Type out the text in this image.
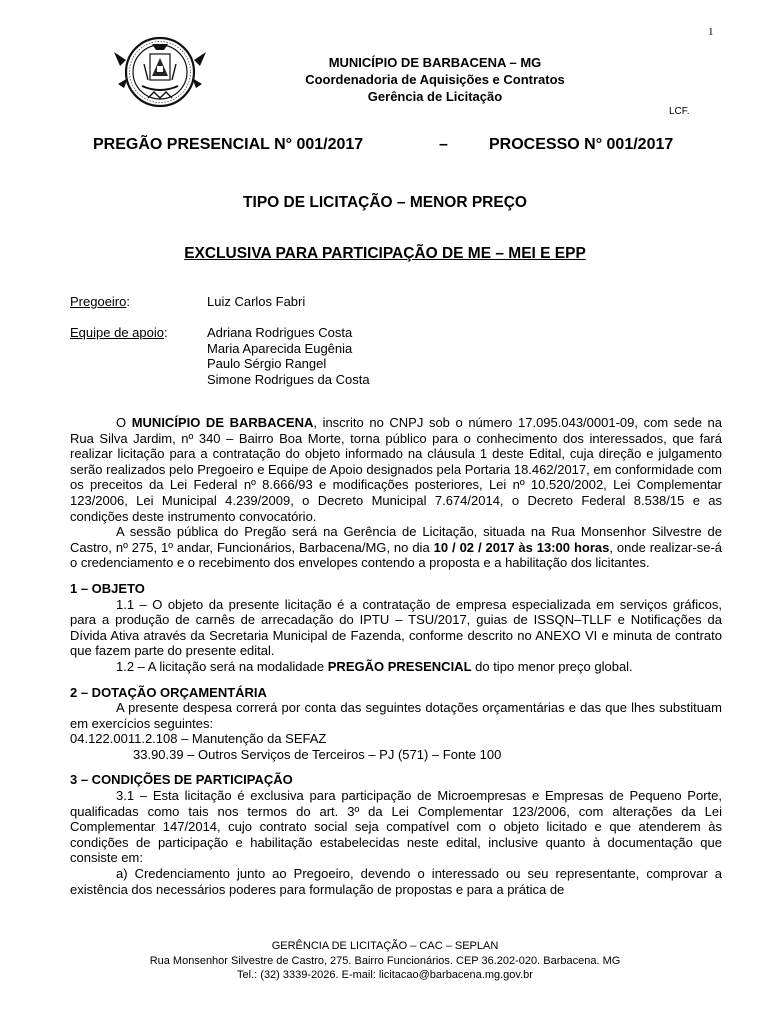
1
MUNICÍPIO DE BARBACENA – MG
Coordenadoria de Aquisições e Contratos
Gerência de Licitação
LCF.
PREGÃO PRESENCIAL N° 001/2017	–	PROCESSO N° 001/2017
TIPO DE LICITAÇÃO – MENOR PREÇO
EXCLUSIVA PARA PARTICIPAÇÃO DE ME – MEI E EPP
Pregoeiro:	Luiz Carlos Fabri
Equipe de apoio:	Adriana Rodrigues Costa
Maria Aparecida Eugênia
Paulo Sérgio Rangel
Simone Rodrigues da Costa

O MUNICÍPIO DE BARBACENA, inscrito no CNPJ sob o número 17.095.043/0001-09, com sede na Rua Silva Jardim, nº 340 – Bairro Boa Morte, torna público para o conhecimento dos interessados, que fará realizar licitação para a contratação do objeto informado na cláusula 1 deste Edital, cuja direção e julgamento serão realizados pelo Pregoeiro e Equipe de Apoio designados pela Portaria 18.462/2017, em conformidade com os preceitos da Lei Federal nº 8.666/93 e modificações posteriores, Lei nº 10.520/2002, Lei Complementar 123/2006, Lei Municipal 4.239/2009, o Decreto Municipal 7.674/2014, o Decreto Federal 8.538/15 e as condições deste instrumento convocatório.

A sessão pública do Pregão será na Gerência de Licitação, situada na Rua Monsenhor Silvestre de Castro, nº 275, 1º andar, Funcionários, Barbacena/MG, no dia 10 / 02 / 2017 às 13:00 horas, onde realizar-se-á o credenciamento e o recebimento dos envelopes contendo a proposta e a habilitação dos licitantes.

1 – OBJETO

1.1 – O objeto da presente licitação é a contratação de empresa especializada em serviços gráficos, para a produção de carnês de arrecadação do IPTU – TSU/2017, guias de ISSQN–TLLF e Notificações da Dívida Ativa através da Secretaria Municipal de Fazenda, conforme descrito no ANEXO VI e minuta de contrato que fazem parte do presente edital.

1.2 – A licitação será na modalidade PREGÃO PRESENCIAL do tipo menor preço global.

2 – DOTAÇÃO ORÇAMENTÁRIA

A presente despesa correrá por conta das seguintes dotações orçamentárias e das que lhes substituam em exercícios seguintes:

04.122.0011.2.108 – Manutenção da SEFAZ

33.90.39 – Outros Serviços de Terceiros – PJ (571) – Fonte 100

3 – CONDIÇÕES DE PARTICIPAÇÃO

3.1 – Esta licitação é exclusiva para participação de Microempresas e Empresas de Pequeno Porte, qualificadas como tais nos termos do art. 3º da Lei Complementar 123/2006, com alterações da Lei Complementar 147/2014, cujo contrato social seja compatível com o objeto licitado e que atenderem às condições de participação e habilitação estabelecidas neste edital, inclusive quanto à documentação que consiste em:

a) Credenciamento junto ao Pregoeiro, devendo o interessado ou seu representante, comprovar a existência dos necessários poderes para formulação de propostas e para a prática de

GERÊNCIA DE LICITAÇÃO – CAC – SEPLAN
Rua Monsenhor Silvestre de Castro, 275. Bairro Funcionários. CEP 36.202-020. Barbacena. MG
Tel.: (32) 3339-2026. E-mail: licitacao@barbacena.mg.gov.br
